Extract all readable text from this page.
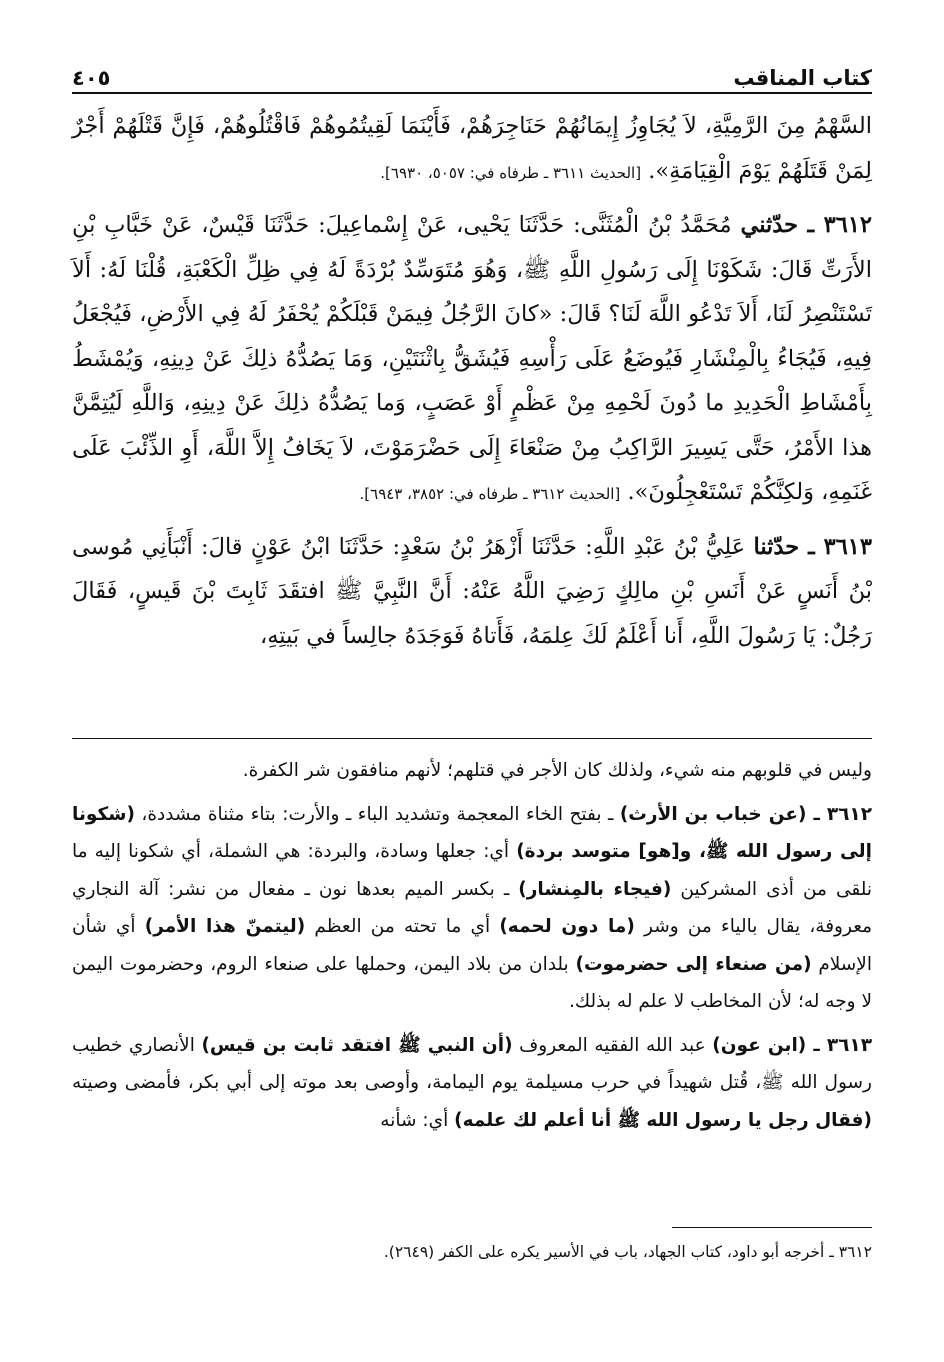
كتاب المناقب
٤٠٥

السَّهْمُ مِنَ الرَّمِيَّةِ، لاَ يُجَاوِزُ إِيمَانُهُمْ حَنَاجِرَهُمْ، فَأَيْنَمَا لَقِيتُمُوهُمْ فَاقْتُلُوهُمْ، فَإِنَّ قَتْلَهُمْ أَجْرٌ لِمَنْ قَتَلَهُمْ يَوْمَ الْقِيَامَةِ». [الحديث ٣٦١١ ـ طرفاه في: ٥٠٥٧، ٦٩٣٠].

٣٦١٢ ـ حدّثني مُحَمَّدُ بْنُ الْمُثَنَّى: حَدَّثَنَا يَحْيى، عَنْ إِسْماعِيلَ: حَدَّثَنَا قَيْسٌ، عَنْ خَبَّابِ بْنِ الأَرَتِّ قَالَ: شَكَوْنَا إِلَى رَسُولِ اللَّهِ ﷺ، وَهُوَ مُتَوَسِّدٌ بُرْدَةً لَهُ فِي ظِلِّ الْكَعْبَةِ، قُلْنَا لَهُ: أَلاَ تَسْتَنْصِرُ لَنَا، أَلاَ تَدْعُو اللَّهَ لَنَا؟ قَالَ: «كانَ الرَّجُلُ فِيمَنْ قَبْلَكُمْ يُحْفَرُ لَهُ فِي الأَرْضِ، فَيُجْعَلُ فِيهِ، فَيُجَاءُ بِالْمِنْشَارِ فَيُوضَعُ عَلَى رَأْسِهِ فَيُشَقُّ بِاثْنَتَيْنِ، وَمَا يَصُدُّهُ ذلِكَ عَنْ دِينِهِ، وَيُمْشَطُ بِأَمْشَاطِ الْحَدِيدِ ما دُونَ لَحْمِهِ مِنْ عَظْمٍ أَوْ عَصَبٍ، وَما يَصُدُّهُ ذلِكَ عَنْ دِينِهِ، وَاللَّهِ لَيُتِمَّنَّ هذا الأَمْرُ، حَتَّى يَسِيرَ الرَّاكِبُ مِنْ صَنْعَاءَ إِلَى حَضْرَمَوْتَ، لاَ يَخَافُ إِلاَّ اللَّهَ، أَوِ الذِّئْبَ عَلَى غَنَمِهِ، وَلكِنَّكُمْ تَسْتَعْجِلُونَ». [الحديث ٣٦١٢ ـ طرفاه في: ٣٨٥٢، ٦٩٤٣].

٣٦١٣ ـ حدّثنا عَلِيُّ بْنُ عَبْدِ اللَّهِ: حَدَّثَنَا أَزْهَرُ بْنُ سَعْدٍ: حَدَّثَنَا ابْنُ عَوْنٍ قالَ: أَنْبَأَنِي مُوسى بْنُ أَنَسٍ عَنْ أَنَسِ بْنِ مالِكٍ رَضِيَ اللَّهُ عَنْهُ: أَنَّ النَّبِيَّ ﷺ افتقَدَ ثَابِتَ بْنَ قَيسٍ، فَقَالَ رَجُلٌ: يَا رَسُولَ اللَّهِ، أَنا أَعْلَمُ لَكَ عِلمَهُ، فَأَتاهُ فَوَجَدَهُ جالِساً في بَيتِهِ،

وليس في قلوبهم منه شيء، ولذلك كان الأجر في قتلهم؛ لأنهم منافقون شر الكفرة.

٣٦١٢ ـ (عن خباب بن الأرث) ـ بفتح الخاء المعجمة وتشديد الباء ـ والأرت: بتاء مثناة مشددة، (شكونا إلى رسول الله ﷺ، و[هو] متوسد بردة) أي: جعلها وسادة، والبردة: هي الشملة، أي شكونا إليه ما نلقى من أذى المشركين (فيجاء بالمِنشار) ـ بكسر الميم بعدها نون ـ مفعال من نشر: آلة النجاري معروفة، يقال بالياء من وشر (ما دون لحمه) أي ما تحته من العظم (ليتمنّ هذا الأمر) أي شأن الإسلام (من صنعاء إلى حضرموت) بلدان من بلاد اليمن، وحملها على صنعاء الروم، وحضرموت اليمن لا وجه له؛ لأن المخاطب لا علم له بذلك.

٣٦١٣ ـ (ابن عون) عبد الله الفقيه المعروف (أن النبي ﷺ افتقد ثابت بن قيس) الأنصاري خطيب رسول الله ﷺ، قُتل شهيداً في حرب مسيلمة يوم اليمامة، وأوصى بعد موته إلى أبي بكر، فأمضى وصيته (فقال رجل يا رسول الله ﷺ أنا أعلم لك علمه) أي: شأنه

٣٦١٢ ـ أخرجه أبو داود، كتاب الجهاد، باب في الأسير يكره على الكفر (٢٦٤٩).
